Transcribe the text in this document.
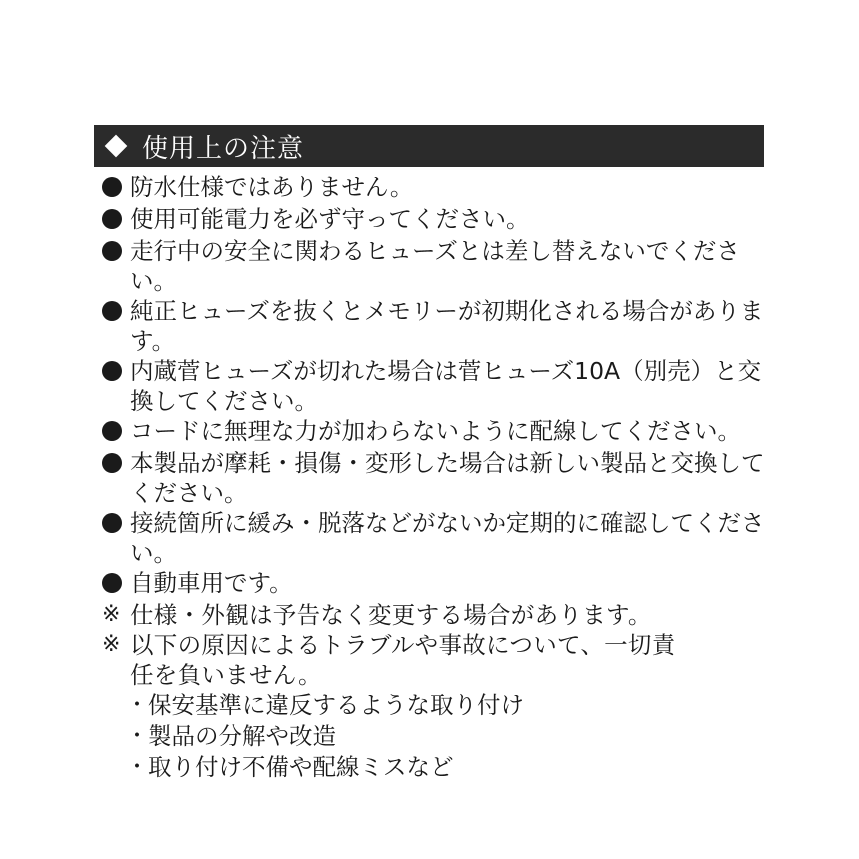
使用上の注意
防水仕様ではありません。
使用可能電力を必ず守ってください。
走行中の安全に関わるヒューズとは差し替えないでください。
純正ヒューズを抜くとメモリーが初期化される場合があります。
内蔵菅ヒューズが切れた場合は菅ヒューズ10A（別売）と交換してください。
コードに無理な力が加わらないように配線してください。
本製品が摩耗・損傷・変形した場合は新しい製品と交換してください。
接続箇所に緩み・脱落などがないか定期的に確認してください。
自動車用です。
※ 仕様・外観は予告なく変更する場合があります。
※ 以下の原因によるトラブルや事故について、一切責任を負いません。
・ 保安基準に違反するような取り付け
・ 製品の分解や改造
・ 取り付け不備や配線ミスなど
